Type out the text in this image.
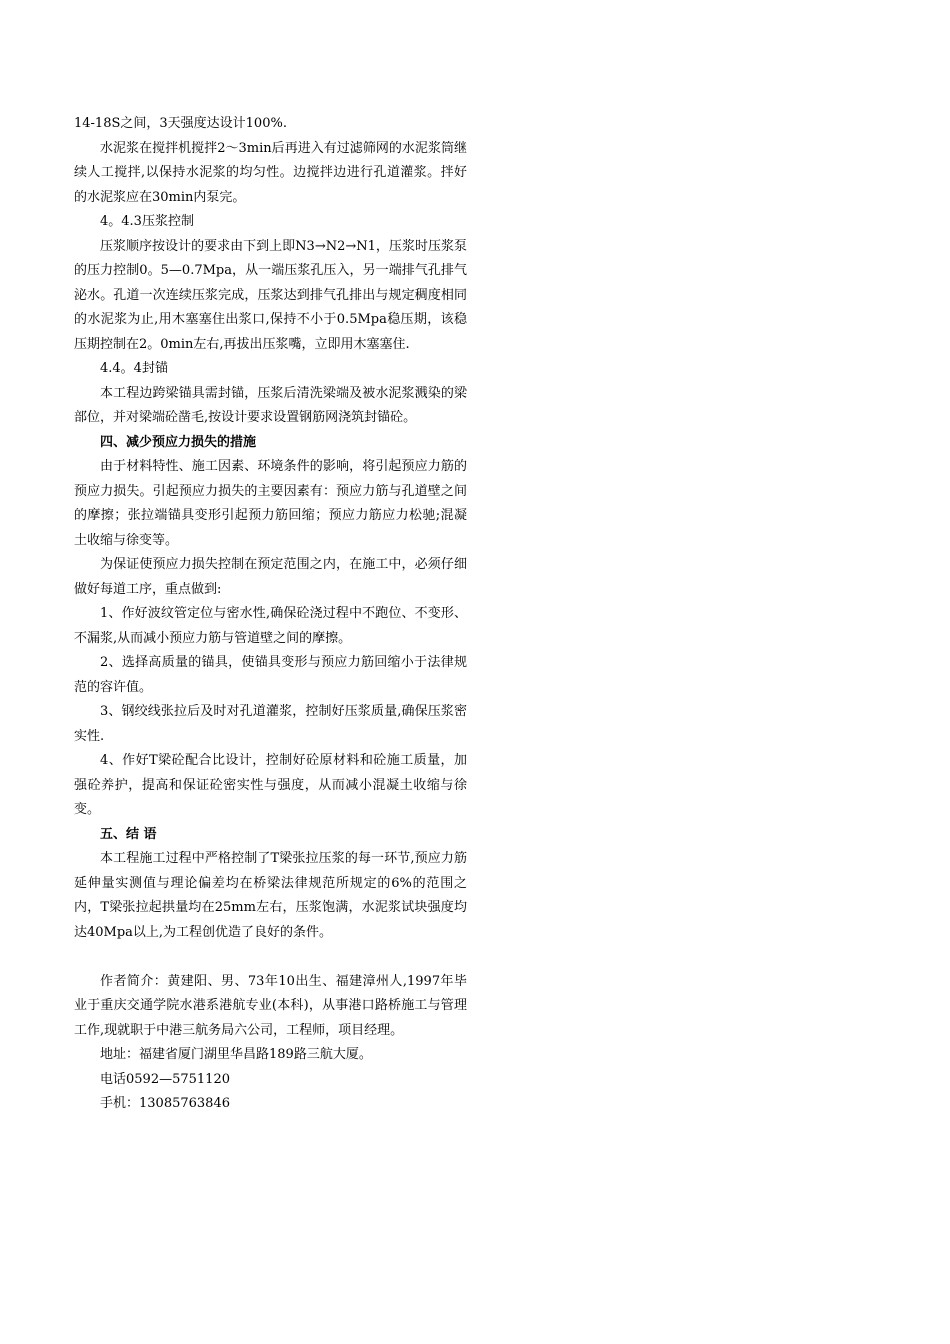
14-18S之间，3天强度达设计100%.

水泥浆在搅拌机搅拌2～3min后再进入有过滤筛网的水泥浆筒继续人工搅拌,以保持水泥浆的均匀性。边搅拌边进行孔道灌浆。拌好的水泥浆应在30min内泵完。

4。4.3压浆控制

压浆顺序按设计的要求由下到上即N3→N2→N1，压浆时压浆泵的压力控制0。5—0.7Mpa，从一端压浆孔压入，另一端排气孔排气泌水。孔道一次连续压浆完成，压浆达到排气孔排出与规定稠度相同的水泥浆为止,用木塞塞住出浆口,保持不小于0.5Mpa稳压期，该稳压期控制在2。0min左右,再拔出压浆嘴，立即用木塞塞住.

4.4。4封锚

本工程边跨梁锚具需封锚，压浆后清洗梁端及被水泥浆溅染的梁部位，并对梁端砼凿毛,按设计要求设置钢筋网浇筑封锚砼。

四、减少预应力损失的措施

由于材料特性、施工因素、环境条件的影响，将引起预应力筋的预应力损失。引起预应力损失的主要因素有：预应力筋与孔道壁之间的摩擦；张拉端锚具变形引起预力筋回缩；预应力筋应力松驰;混凝土收缩与徐变等。

为保证使预应力损失控制在预定范围之内，在施工中，必须仔细做好每道工序，重点做到:

1、作好波纹管定位与密水性,确保砼浇过程中不跑位、不变形、不漏浆,从而减小预应力筋与管道壁之间的摩擦。

2、选择高质量的锚具，使锚具变形与预应力筋回缩小于法律规范的容许值。

3、钢绞线张拉后及时对孔道灌浆，控制好压浆质量,确保压浆密实性.

4、作好T梁砼配合比设计，控制好砼原材料和砼施工质量，加强砼养护，提高和保证砼密实性与强度，从而减小混凝土收缩与徐变。

五、结 语

本工程施工过程中严格控制了T梁张拉压浆的每一环节,预应力筋延伸量实测值与理论偏差均在桥梁法律规范所规定的6%的范围之内，T梁张拉起拱量均在25mm左右，压浆饱满，水泥浆试块强度均达40Mpa以上,为工程创优造了良好的条件。

作者简介：黄建阳、男、73年10出生、福建漳州人,1997年毕业于重庆交通学院水港系港航专业(本科)，从事港口路桥施工与管理工作,现就职于中港三航务局六公司，工程师，项目经理。

地址：福建省厦门湖里华昌路189路三航大厦。

电话0592—5751120

手机：13085763846
